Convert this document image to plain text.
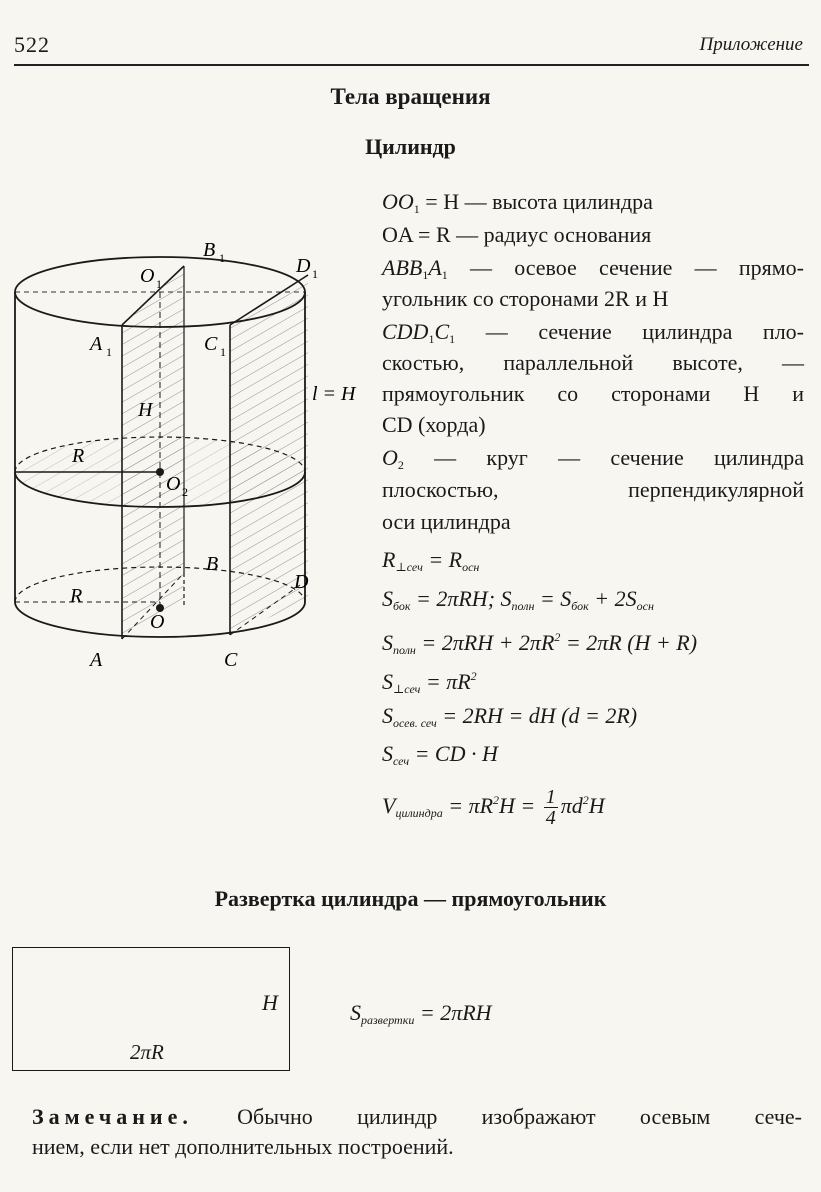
522	Приложение
Тела вращения
Цилиндр
B 1	D 1
O 1
A 1	C 1
H
l = H
R
O 2
B
D
R
O
A	C
$OO_1 = H$ — высота цилиндра
OA = R — радиус основания
$ABB_1A_1$ — осевое сечение — прямо-
угольник со сторонами 2R и H
$CDD_1C_1$ — сечение цилиндра пло-
скостью, параллельной высоте, —
прямоугольник со сторонами H и
CD (хорда)
$O_2$ — круг — сечение цилиндра
плоскостью, перпендикулярной
оси цилиндра
$R_{\perp сеч} = R_{осн}$
$S_{бок} = 2\pi RH$; $S_{полн} = S_{бок} + 2S_{осн}$
$S_{полн} = 2\pi RH + 2\pi R^2 = 2\pi R$ (H + R)
$S_{\perp сеч} = \pi R^2$
$S_{осев. сеч} = 2RH$ = dH (d = 2R)
$S_{сеч}$ = CD · H
$V_{цилиндра} = \pi R^2H = \frac{1}{4} \pi d^2H$
Развертка цилиндра — прямоугольник
H
2πR
$S_{развертки} = 2\pi RH$
Замечание. Обычно цилиндр изображают осевым сече-
нием, если нет дополнительных построений.
